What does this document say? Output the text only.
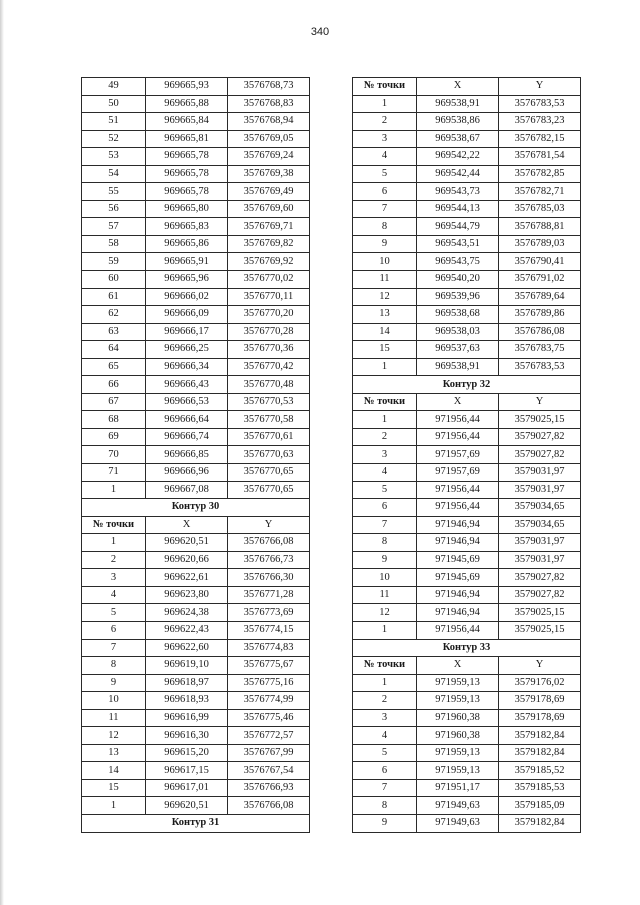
340
49	969665,93	3576768,73
50	969665,88	3576768,83
51	969665,84	3576768,94
52	969665,81	3576769,05
53	969665,78	3576769,24
54	969665,78	3576769,38
55	969665,78	3576769,49
56	969665,80	3576769,60
57	969665,83	3576769,71
58	969665,86	3576769,82
59	969665,91	3576769,92
60	969665,96	3576770,02
61	969666,02	3576770,11
62	969666,09	3576770,20
63	969666,17	3576770,28
64	969666,25	3576770,36
65	969666,34	3576770,42
66	969666,43	3576770,48
67	969666,53	3576770,53
68	969666,64	3576770,58
69	969666,74	3576770,61
70	969666,85	3576770,63
71	969666,96	3576770,65
1	969667,08	3576770,65
Контур 30		
№ точки	X	Y
1	969620,51	3576766,08
2	969620,66	3576766,73
3	969622,61	3576766,30
4	969623,80	3576771,28
5	969624,38	3576773,69
6	969622,43	3576774,15
7	969622,60	3576774,83
8	969619,10	3576775,67
9	969618,97	3576775,16
10	969618,93	3576774,99
11	969616,99	3576775,46
12	969616,30	3576772,57
13	969615,20	3576767,99
14	969617,15	3576767,54
15	969617,01	3576766,93
1	969620,51	3576766,08
Контур 31		
№ точки	X	Y
1	969538,91	3576783,53
2	969538,86	3576783,23
3	969538,67	3576782,15
4	969542,22	3576781,54
5	969542,44	3576782,85
6	969543,73	3576782,71
7	969544,13	3576785,03
8	969544,79	3576788,81
9	969543,51	3576789,03
10	969543,75	3576790,41
11	969540,20	3576791,02
12	969539,96	3576789,64
13	969538,68	3576789,86
14	969538,03	3576786,08
15	969537,63	3576783,75
1	969538,91	3576783,53
Контур 32		
№ точки	X	Y
1	971956,44	3579025,15
2	971956,44	3579027,82
3	971957,69	3579027,82
4	971957,69	3579031,97
5	971956,44	3579031,97
6	971956,44	3579034,65
7	971946,94	3579034,65
8	971946,94	3579031,97
9	971945,69	3579031,97
10	971945,69	3579027,82
11	971946,94	3579027,82
12	971946,94	3579025,15
1	971956,44	3579025,15
Контур 33		
№ точки	X	Y
1	971959,13	3579176,02
2	971959,13	3579178,69
3	971960,38	3579178,69
4	971960,38	3579182,84
5	971959,13	3579182,84
6	971959,13	3579185,52
7	971951,17	3579185,53
8	971949,63	3579185,09
9	971949,63	3579182,84
